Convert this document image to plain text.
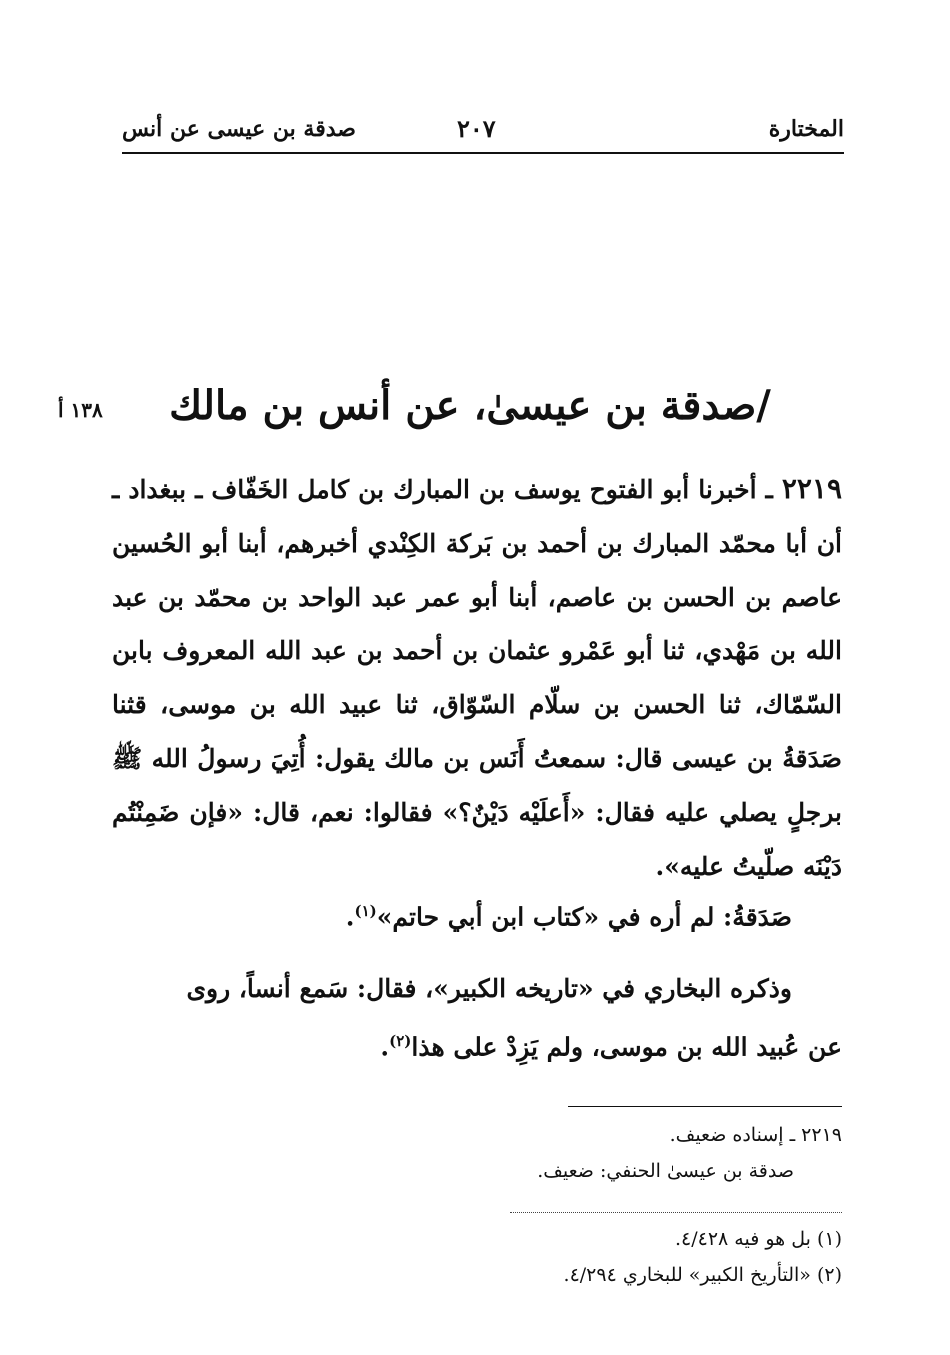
المختارة
٢٠٧
صدقة بن عيسى عن أنس
١٣٨ أ	/صدقة بن عيسىٰ، عن أنس بن مالك
٢٢١٩ ـ أخبرنا أبو الفتوح يوسف بن المبارك بن كامل الخَفّاف ـ ببغداد ـ أن أبا محمّد المبارك بن أحمد بن بَركة الكِنْدي أخبرهم، أبنا أبو الحُسين عاصم بن الحسن بن عاصم، أبنا أبو عمر عبد الواحد بن محمّد بن عبد الله بن مَهْدي، ثنا أبو عَمْرو عثمان بن أحمد بن عبد الله المعروف بابن السّمّاك، ثنا الحسن بن سلّام السّوّاق، ثنا عبيد الله بن موسى، قثنا صَدَقةُ بن عيسى قال: سمعتُ أَنَس بن مالك يقول: أُتِيَ رسولُ الله ﷺ برجلٍ يصلي عليه فقال: «أَعلَيْه دَيْنٌ؟» فقالوا: نعم، قال: «فإن ضَمِنْتُم دَيْنَه صلّيتُ عليه».
صَدَقةُ: لم أره في «كتاب ابن أبي حاتم»$^{(١)}$.
وذكره البخاري في «تاريخه الكبير»، فقال: سَمع أنساً، روى
عن عُبيد الله بن موسى، ولم يَزِدْ على هذا$^{(٢)}$.
٢٢١٩ ـ إسناده ضعيف.
صدقة بن عيسىٰ الحنفي: ضعيف.
(١) بل هو فيه ٤/٤٢٨.
(٢) «التأريخ الكبير» للبخاري ٤/٢٩٤.
